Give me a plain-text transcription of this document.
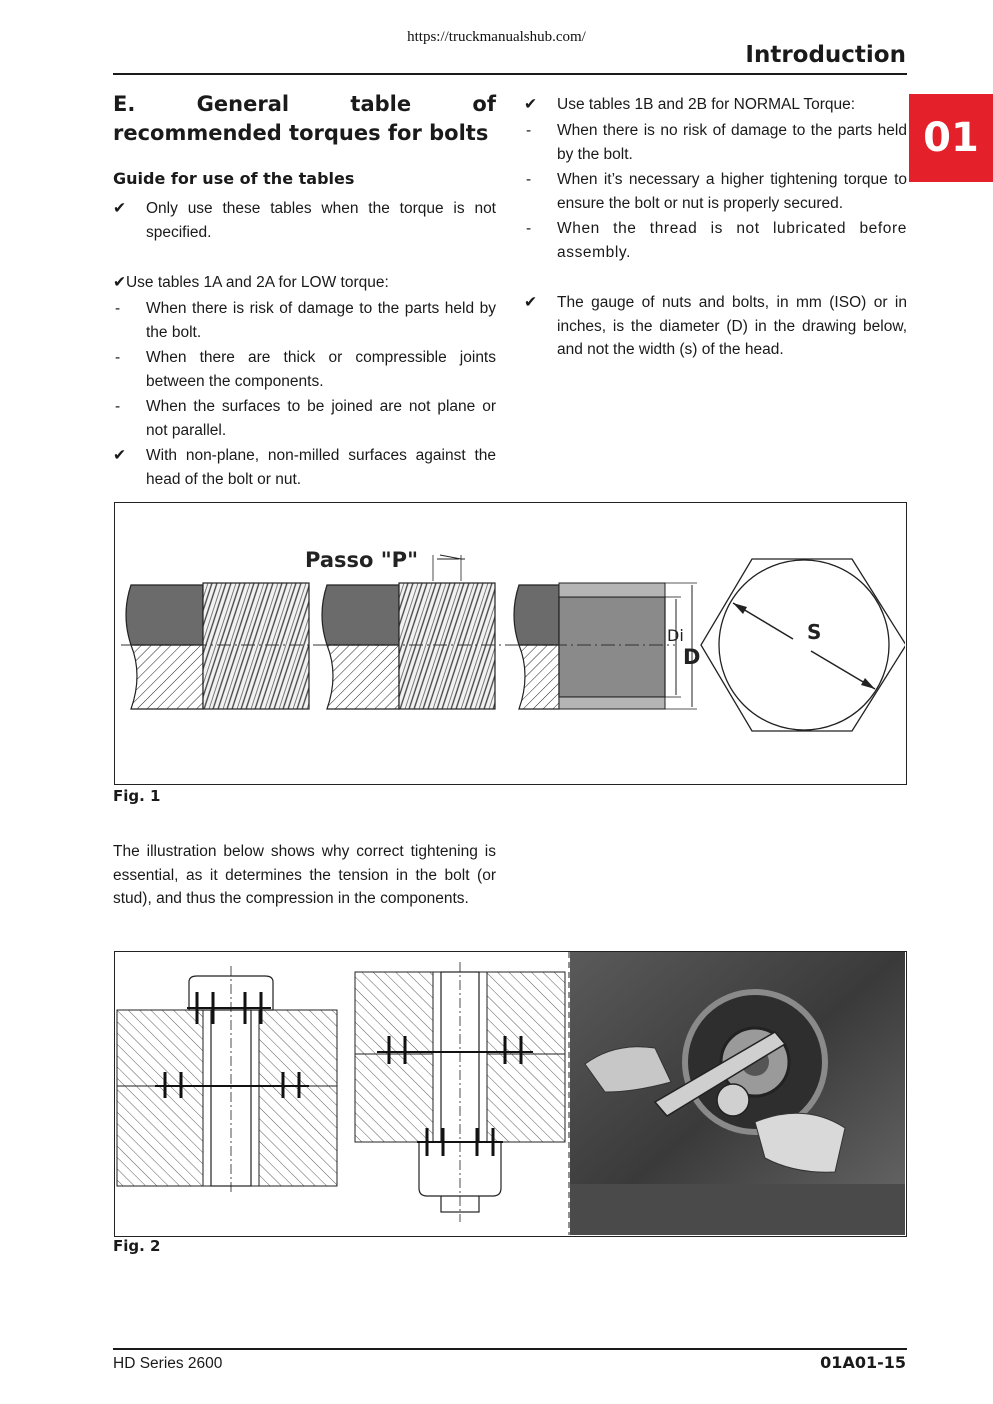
https://truckmanualshub.com/
Introduction
01
E. General table of recommended torques for bolts
Guide for use of the tables
✔	Only use these tables when the torque is not specified.
✔Use tables 1A and 2A for LOW torque:
-	When there is risk of damage to the parts held by the bolt.
-	When there are thick or compressible joints between the components.
-	When the surfaces to be joined are not plane or not parallel.
✔	With non-plane, non-milled surfaces against the head of the bolt or nut.
✔	Use tables 1B and 2B for NORMAL Torque:
-	When there is no risk of damage to the parts held by the bolt.
-	When it’s necessary a higher tightening torque to ensure the bolt or nut is properly secured.
-	When the thread is not lubricated before assembly.
✔	The gauge of nuts and bolts, in mm (ISO) or in inches, is the diameter (D) in the drawing below, and not the width (s) of the head.
Passo "P"
Di
D
S
Fig. 1
The illustration below shows why correct tightening is essential, as it determines the tension in the bolt (or stud), and thus the compression in the components.
Fig. 2
HD Series 2600	01A01-15
